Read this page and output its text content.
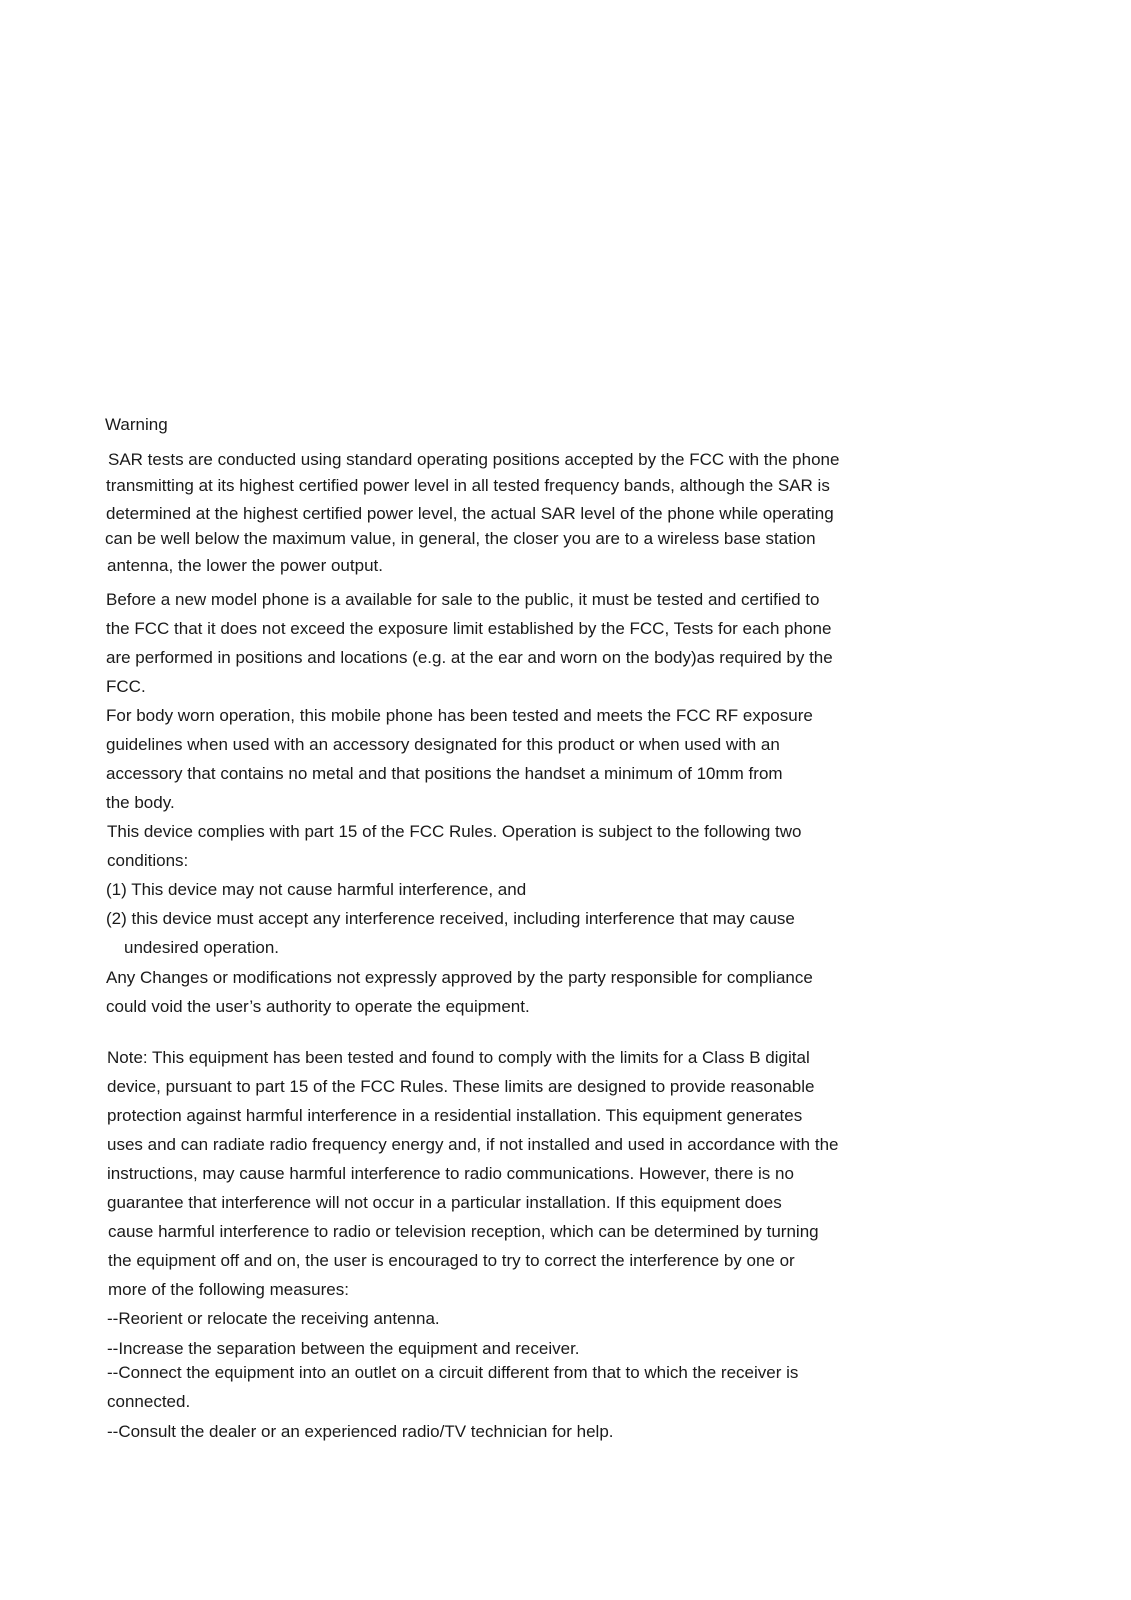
Warning
SAR tests are conducted using standard operating positions accepted by the FCC with the phone
transmitting at its highest certified power level in all tested frequency bands, although the SAR is
determined at the highest certified power level, the actual SAR level of the phone while operating
can be well below the maximum value, in general, the closer you are to a wireless base station
antenna, the lower the power output.
Before a new model phone is a available for sale to the public, it must be tested and certified to
the FCC that it does not exceed the exposure limit established by the FCC, Tests for each phone
are performed in positions and locations (e.g. at the ear and worn on the body)as required by the
FCC.
For body worn operation, this mobile phone has been tested and meets the FCC RF exposure
guidelines when used with an accessory designated for this product or when used with an
accessory that contains no metal and that positions the handset a minimum of 10mm from
the body.
This device complies with part 15 of the FCC Rules. Operation is subject to the following two
conditions:
(1) This device may not cause harmful interference, and
(2) this device must accept any interference received, including interference that may cause
undesired operation.
Any Changes or modifications not expressly approved by the party responsible for compliance
could void the user’s authority to operate the equipment.
Note: This equipment has been tested and found to comply with the limits for a Class B digital
device, pursuant to part 15 of the FCC Rules. These limits are designed to provide reasonable
protection against harmful interference in a residential installation. This equipment generates
uses and can radiate radio frequency energy and, if not installed and used in accordance with the
instructions, may cause harmful interference to radio communications. However, there is no
guarantee that interference will not occur in a particular installation. If this equipment does
cause harmful interference to radio or television reception, which can be determined by turning
the equipment off and on, the user is encouraged to try to correct the interference by one or
more of the following measures:
--Reorient or relocate the receiving antenna.
--Increase the separation between the equipment and receiver.
--Connect the equipment into an outlet on a circuit different from that to which the receiver is
connected.
--Consult the dealer or an experienced radio/TV technician for help.
